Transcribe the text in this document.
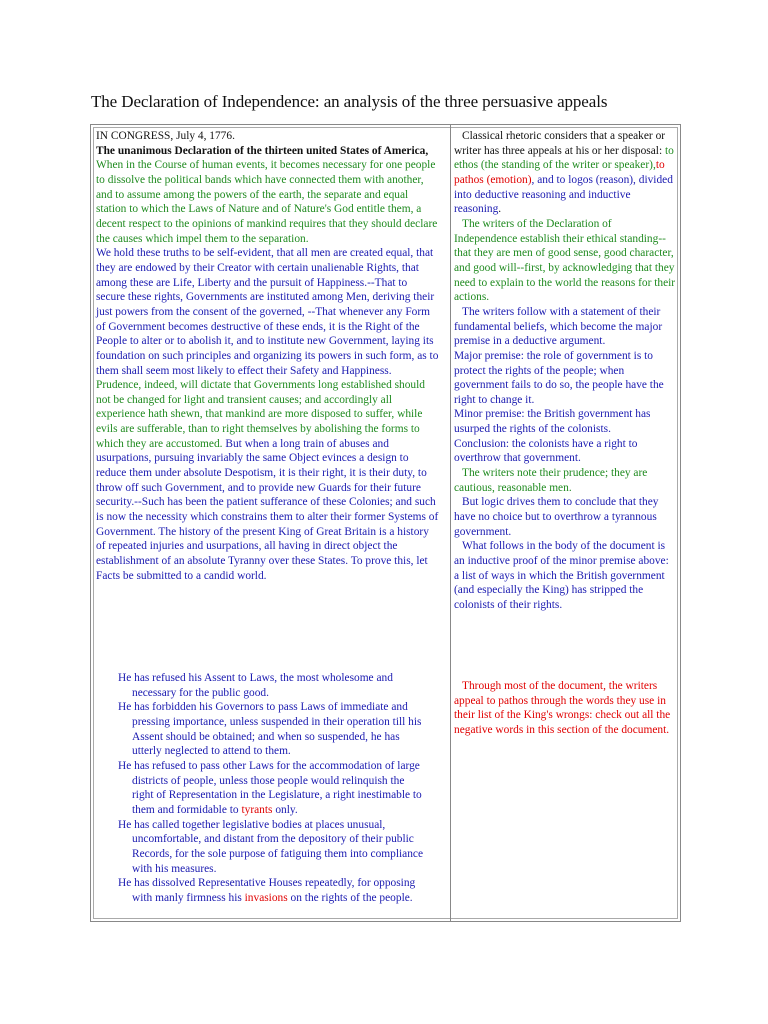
The Declaration of Independence: an analysis of the three persuasive appeals
IN CONGRESS, July 4, 1776.
The unanimous Declaration of the thirteen united States of America,
When in the Course of human events, it becomes necessary for one people to dissolve the political bands which have connected them with another, and to assume among the powers of the earth, the separate and equal station to which the Laws of Nature and of Nature's God entitle them, a decent respect to the opinions of mankind requires that they should declare the causes which impel them to the separation.
We hold these truths to be self-evident, that all men are created equal, that they are endowed by their Creator with certain unalienable Rights, that among these are Life, Liberty and the pursuit of Happiness.--That to secure these rights, Governments are instituted among Men, deriving their just powers from the consent of the governed, --That whenever any Form of Government becomes destructive of these ends, it is the Right of the People to alter or to abolish it, and to institute new Government, laying its foundation on such principles and organizing its powers in such form, as to them shall seem most likely to effect their Safety and Happiness. Prudence, indeed, will dictate that Governments long established should not be changed for light and transient causes; and accordingly all experience hath shewn, that mankind are more disposed to suffer, while evils are sufferable, than to right themselves by abolishing the forms to which they are accustomed. But when a long train of abuses and usurpations, pursuing invariably the same Object evinces a design to reduce them under absolute Despotism, it is their right, it is their duty, to throw off such Government, and to provide new Guards for their future security.--Such has been the patient sufferance of these Colonies; and such is now the necessity which constrains them to alter their former Systems of Government. The history of the present King of Great Britain is a history of repeated injuries and usurpations, all having in direct object the establishment of an absolute Tyranny over these States. To prove this, let Facts be submitted to a candid world.
He has refused his Assent to Laws, the most wholesome and necessary for the public good.
He has forbidden his Governors to pass Laws of immediate and pressing importance, unless suspended in their operation till his Assent should be obtained; and when so suspended, he has utterly neglected to attend to them.
He has refused to pass other Laws for the accommodation of large districts of people, unless those people would relinquish the right of Representation in the Legislature, a right inestimable to them and formidable to tyrants only.
He has called together legislative bodies at places unusual, uncomfortable, and distant from the depository of their public Records, for the sole purpose of fatiguing them into compliance with his measures.
He has dissolved Representative Houses repeatedly, for opposing with manly firmness his invasions on the rights of the people.
Classical rhetoric considers that a speaker or writer has three appeals at his or her disposal: to ethos (the standing of the writer or speaker),to pathos (emotion), and to logos (reason), divided into deductive reasoning and inductive reasoning.
The writers of the Declaration of Independence establish their ethical standing--that they are men of good sense, good character, and good will--first, by acknowledging that they need to explain to the world the reasons for their actions.
The writers follow with a statement of their fundamental beliefs, which become the major premise in a deductive argument.
Major premise: the role of government is to protect the rights of the people; when government fails to do so, the people have the right to change it.
Minor premise: the British government has usurped the rights of the colonists.
Conclusion: the colonists have a right to overthrow that government.
The writers note their prudence; they are cautious, reasonable men.
But logic drives them to conclude that they have no choice but to overthrow a tyrannous government.
What follows in the body of the document is an inductive proof of the minor premise above: a list of ways in which the British government (and especially the King) has stripped the colonists of their rights.
Through most of the document, the writers appeal to pathos through the words they use in their list of the King's wrongs: check out all the negative words in this section of the document.
